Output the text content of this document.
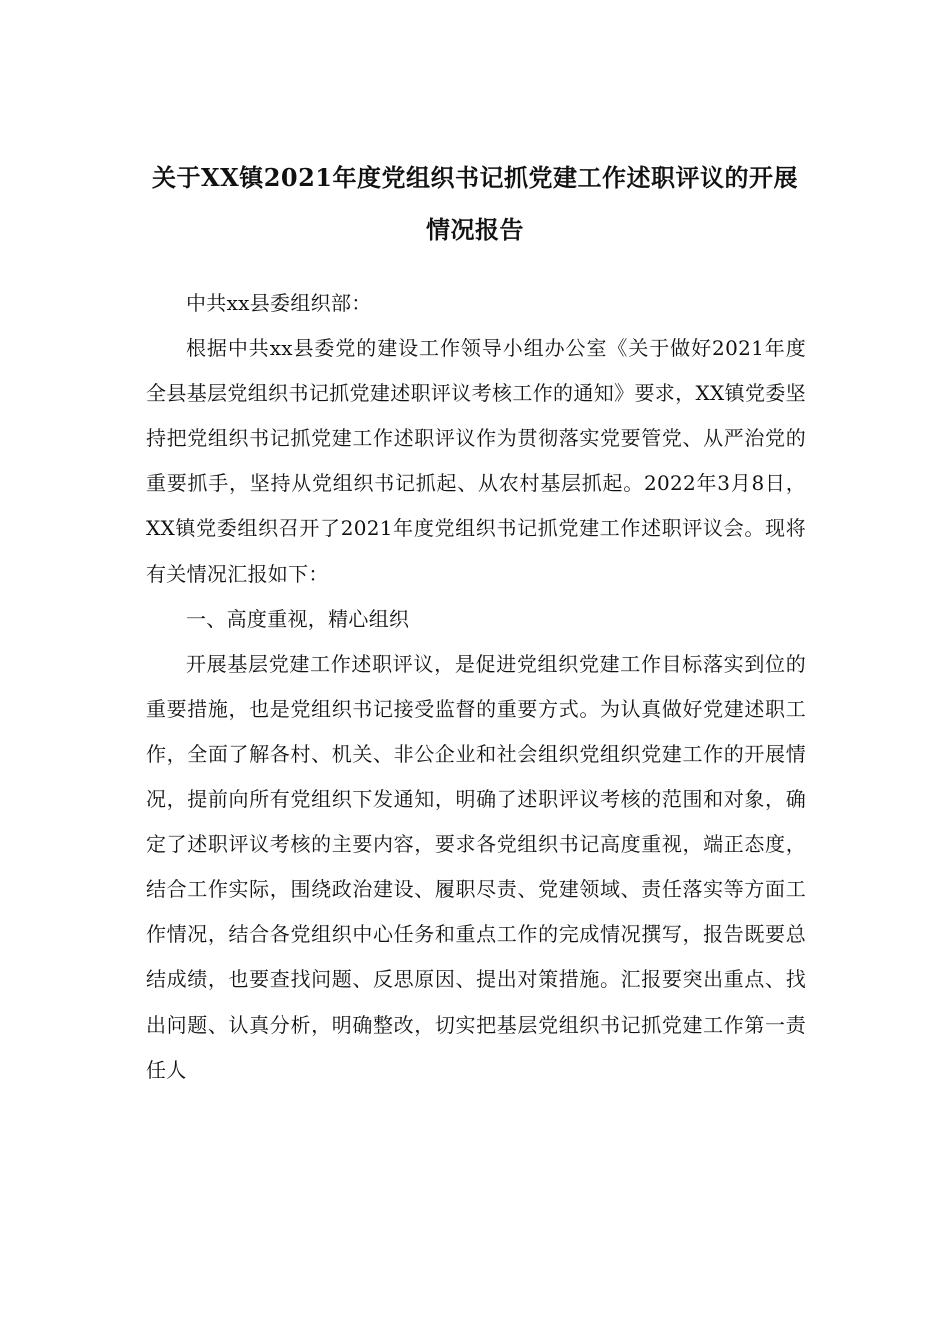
关于XX镇2021年度党组织书记抓党建工作述职评议的开展
情况报告

中共xx县委组织部：

根据中共xx县委党的建设工作领导小组办公室《关于做好2021年度全县基层党组织书记抓党建述职评议考核工作的通知》要求，XX镇党委坚持把党组织书记抓党建工作述职评议作为贯彻落实党要管党、从严治党的重要抓手，坚持从党组织书记抓起、从农村基层抓起。2022年3月8日，XX镇党委组织召开了2021年度党组织书记抓党建工作述职评议会。现将有关情况汇报如下：

一、高度重视，精心组织

开展基层党建工作述职评议，是促进党组织党建工作目标落实到位的重要措施，也是党组织书记接受监督的重要方式。为认真做好党建述职工作，全面了解各村、机关、非公企业和社会组织党组织党建工作的开展情况，提前向所有党组织下发通知，明确了述职评议考核的范围和对象，确定了述职评议考核的主要内容，要求各党组织书记高度重视，端正态度，结合工作实际，围绕政治建设、履职尽责、党建领域、责任落实等方面工作情况，结合各党组织中心任务和重点工作的完成情况撰写，报告既要总结成绩，也要查找问题、反思原因、提出对策措施。汇报要突出重点、找出问题、认真分析，明确整改，切实把基层党组织书记抓党建工作第一责任人
